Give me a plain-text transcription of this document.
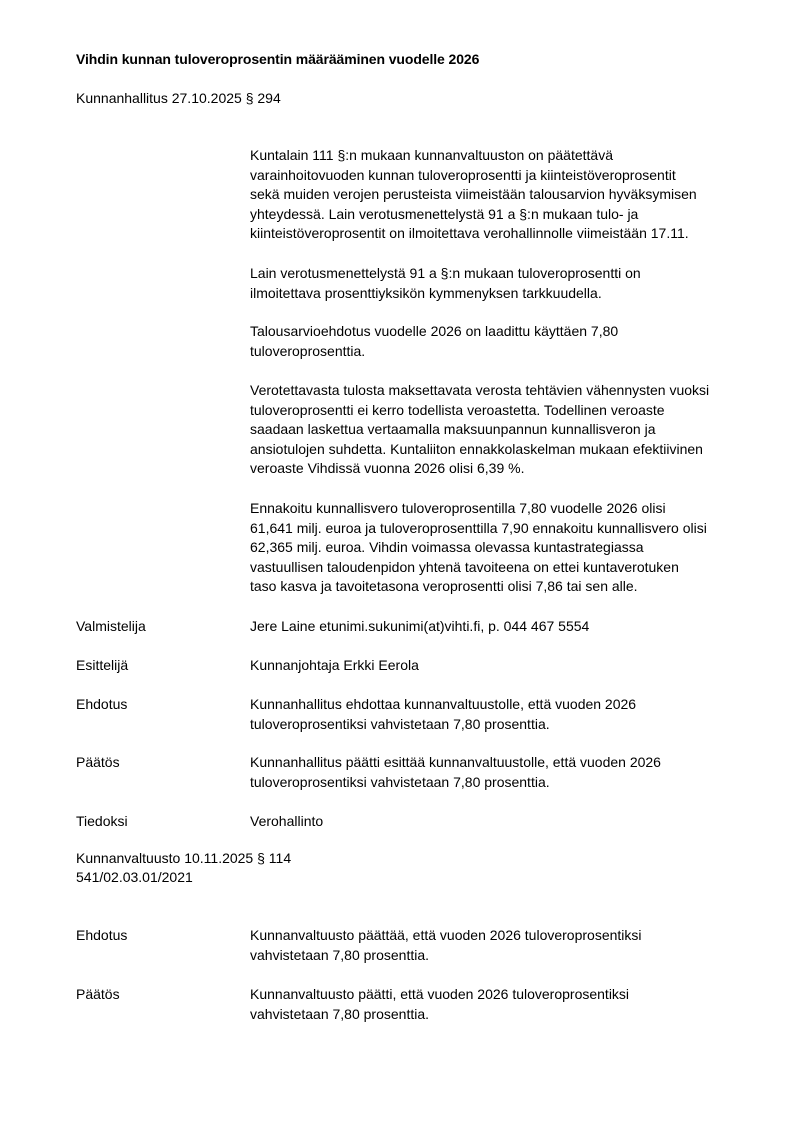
Vihdin kunnan tuloveroprosentin määrääminen vuodelle 2026
Kunnanhallitus 27.10.2025 § 294

Kuntalain 111 §:n mukaan kunnanvaltuuston on päätettävä
varainhoitovuoden kunnan tuloveroprosentti ja kiinteistöveroprosentit
sekä muiden verojen perusteista viimeistään talousarvion hyväksymisen
yhteydessä. Lain verotusmenettelystä 91 a §:n mukaan tulo- ja
kiinteistöveroprosentit on ilmoitettava verohallinnolle viimeistään 17.11.

Lain verotusmenettelystä 91 a §:n mukaan tuloveroprosentti on
ilmoitettava prosenttiyksikön kymmenyksen tarkkuudella.

Talousarvioehdotus vuodelle 2026 on laadittu käyttäen 7,80
tuloveroprosenttia.

Verotettavasta tulosta maksettavata verosta tehtävien vähennysten vuoksi
tuloveroprosentti ei kerro todellista veroastetta. Todellinen veroaste
saadaan laskettua vertaamalla maksuunpannun kunnallisveron ja
ansiotulojen suhdetta. Kuntaliiton ennakkolaskelman mukaan efektiivinen
veroaste Vihdissä vuonna 2026 olisi 6,39 %.

Ennakoitu kunnallisvero tuloveroprosentilla 7,80 vuodelle 2026 olisi
61,641 milj. euroa ja tuloveroprosenttilla 7,90 ennakoitu kunnallisvero olisi
62,365 milj. euroa. Vihdin voimassa olevassa kuntastrategiassa
vastuullisen taloudenpidon yhtenä tavoiteena on ettei kuntaverotuken
taso kasva ja tavoitetasona veroprosentti olisi 7,86 tai sen alle.

Valmistelija	Jere Laine etunimi.sukunimi(at)vihti.fi, p. 044 467 5554
Esittelijä	Kunnanjohtaja Erkki Eerola
Ehdotus	Kunnanhallitus ehdottaa kunnanvaltuustolle, että vuoden 2026
tuloveroprosentiksi vahvistetaan 7,80 prosenttia.
Päätös	Kunnanhallitus päätti esittää kunnanvaltuustolle, että vuoden 2026
tuloveroprosentiksi vahvistetaan 7,80 prosenttia.
Tiedoksi	Verohallinto
Kunnanvaltuusto 10.11.2025 § 114
541/02.03.01/2021
Ehdotus	Kunnanvaltuusto päättää, että vuoden 2026 tuloveroprosentiksi
vahvistetaan 7,80 prosenttia.
Päätös	Kunnanvaltuusto päätti, että vuoden 2026 tuloveroprosentiksi
vahvistetaan 7,80 prosenttia.
